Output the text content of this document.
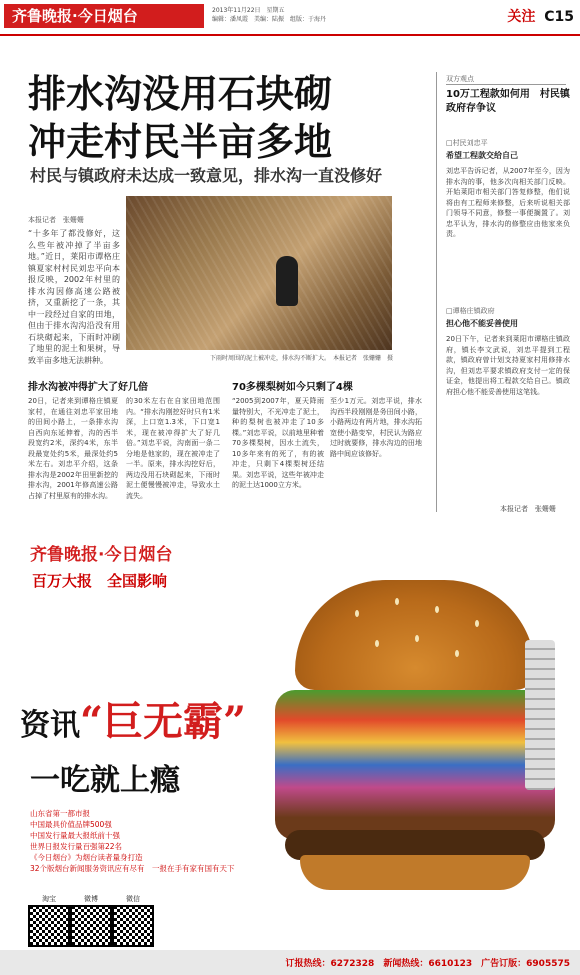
齐鲁晚报·今日烟台	2013年11月22日　星期五
编辑：潘凤霞　美编：陆振　组版：于海丹	关注 C15
排水沟没用石块砌
冲走村民半亩多地
村民与镇政府未达成一致意见，排水沟一直没修好
本报记者　张姗姗
“十多年了都没修好，这么些年被冲掉了半亩多地。”近日，莱阳市谭格庄镇夏家村村民刘忠平向本报反映，2002年村里的排水沟因修高速公路被挤，又重新挖了一条，其中一段经过自家的田地，但由于排水沟沟沿没有用石块砌起来，下雨时冲刷了地里的泥土和果树，导致半亩多地无法耕种。	下雨时周围的泥土被冲走，排水沟不断扩大。　本报记者　张姗姗　摄
排水沟被冲得扩大了好几倍
20日，记者来到谭格庄镇夏家村，在通往刘忠平家田地的田间小路上，一条排水沟自西向东延伸着，沟的西半段宽约2米，深约4米，东半段最宽处约5米，最深处约5米左右。刘忠平介绍，这条排水沟是2002年田里新挖的排水沟，2001年修高速公路占掉了村里原有的排水沟。
的30米左右在自家田地范围内。“排水沟刚挖好时只有1米深，上口宽1.3米，下口宽1米，现在被冲得扩大了好几倍。”刘忠平说，沟南面一条二分地是他家的，现在被冲走了一半。原来，排水沟挖好后，两边没用石块砌起来，下雨时泥土便慢慢被冲走，导致水土流失。
70多棵梨树如今只剩了4棵
“2005到2007年，夏天降雨量特别大，不光冲走了泥土，种的梨树也被冲走了10多棵。”刘忠平说，以前地里种着70多棵梨树，因水土流失，10多年来有的死了，有的被冲走，只剩下4棵梨树还结果。刘忠平说，这些年被冲走的泥土达1000立方米。
至少1万元。刘忠平说，排水沟西半段刚刚是务田间小路，小路两边有两片地，排水沟拓宽使小路变窄，村民认为路应过时就要修，排水沟边的田地路中间应该修好。
双方观点
10万工程款如何用　村民镇政府存争议
□村民刘忠平
希望工程款交给自己
刘忠平告诉记者，从2007年至今，因为排水沟的事，他多次向相关部门反映。开始莱阳市相关部门答复修整，他们说将由有工程师来修整，后来听说相关部门领导不同意，修整一事便搁置了。刘忠平认为，排水沟的修整应由他家来负责。
□谭格庄镇政府
担心他不能妥善使用
20日下午，记者来到莱阳市谭格庄镇政府，镇长李文武说，刘忠平提到工程款，镇政府曾计划支持夏家村用修排水沟，但刘忠平要求镇政府支付一定的保证金，他提出将工程款交给自己。镇政府担心他不能妥善使用这笔钱。
本报记者　张姗姗
齐鲁晚报·今日烟台
百万大报　全国影响
资讯“巨无霸”
一吃就上瘾
山东省第一都市报
中国最具价值品牌500强
中国发行量最大报纸前十强
世界日报发行量百强第22名
《今日烟台》为烟台读者量身打造
32个版烟台新闻服务资讯应有尽有　一报在手有家有国有天下
淘宝	微博	微信
订报热线：6272328　新闻热线：6610123　广告订版：6905575
